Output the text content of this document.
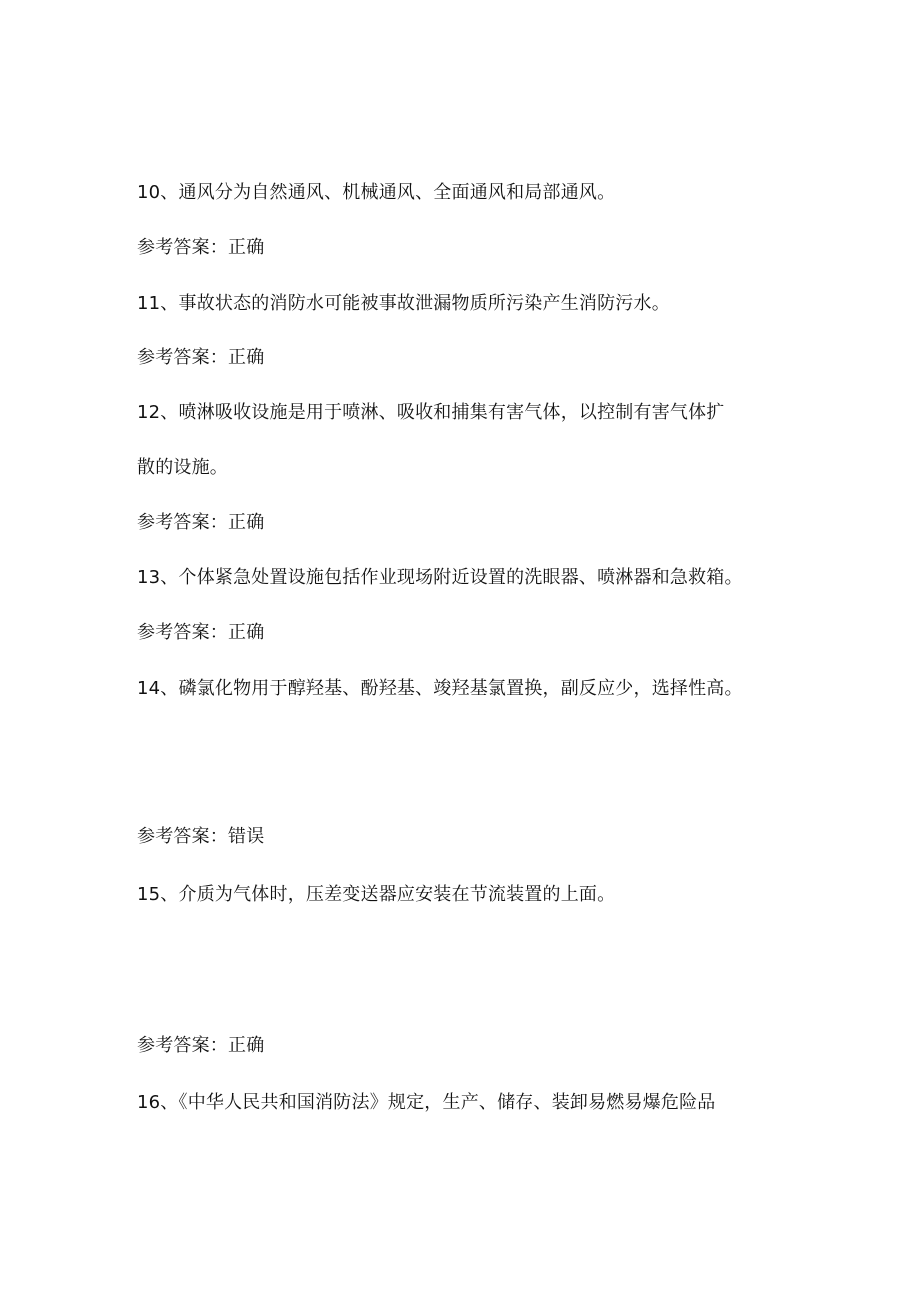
10、通风分为自然通风、机械通风、全面通风和局部通风。
参考答案：正确
11、事故状态的消防水可能被事故泄漏物质所污染产生消防污水。
参考答案：正确
12、喷淋吸收设施是用于喷淋、吸收和捕集有害气体，以控制有害气体扩
散的设施。
参考答案：正确
13、个体紧急处置设施包括作业现场附近设置的洗眼器、喷淋器和急救箱。
参考答案：正确
14、磷氯化物用于醇羟基、酚羟基、竣羟基氯置换，副反应少，选择性高。
参考答案：错误
15、介质为气体时，压差变送器应安装在节流装置的上面。
参考答案：正确
16、《中华人民共和国消防法》规定，生产、储存、装卸易燃易爆危险品
